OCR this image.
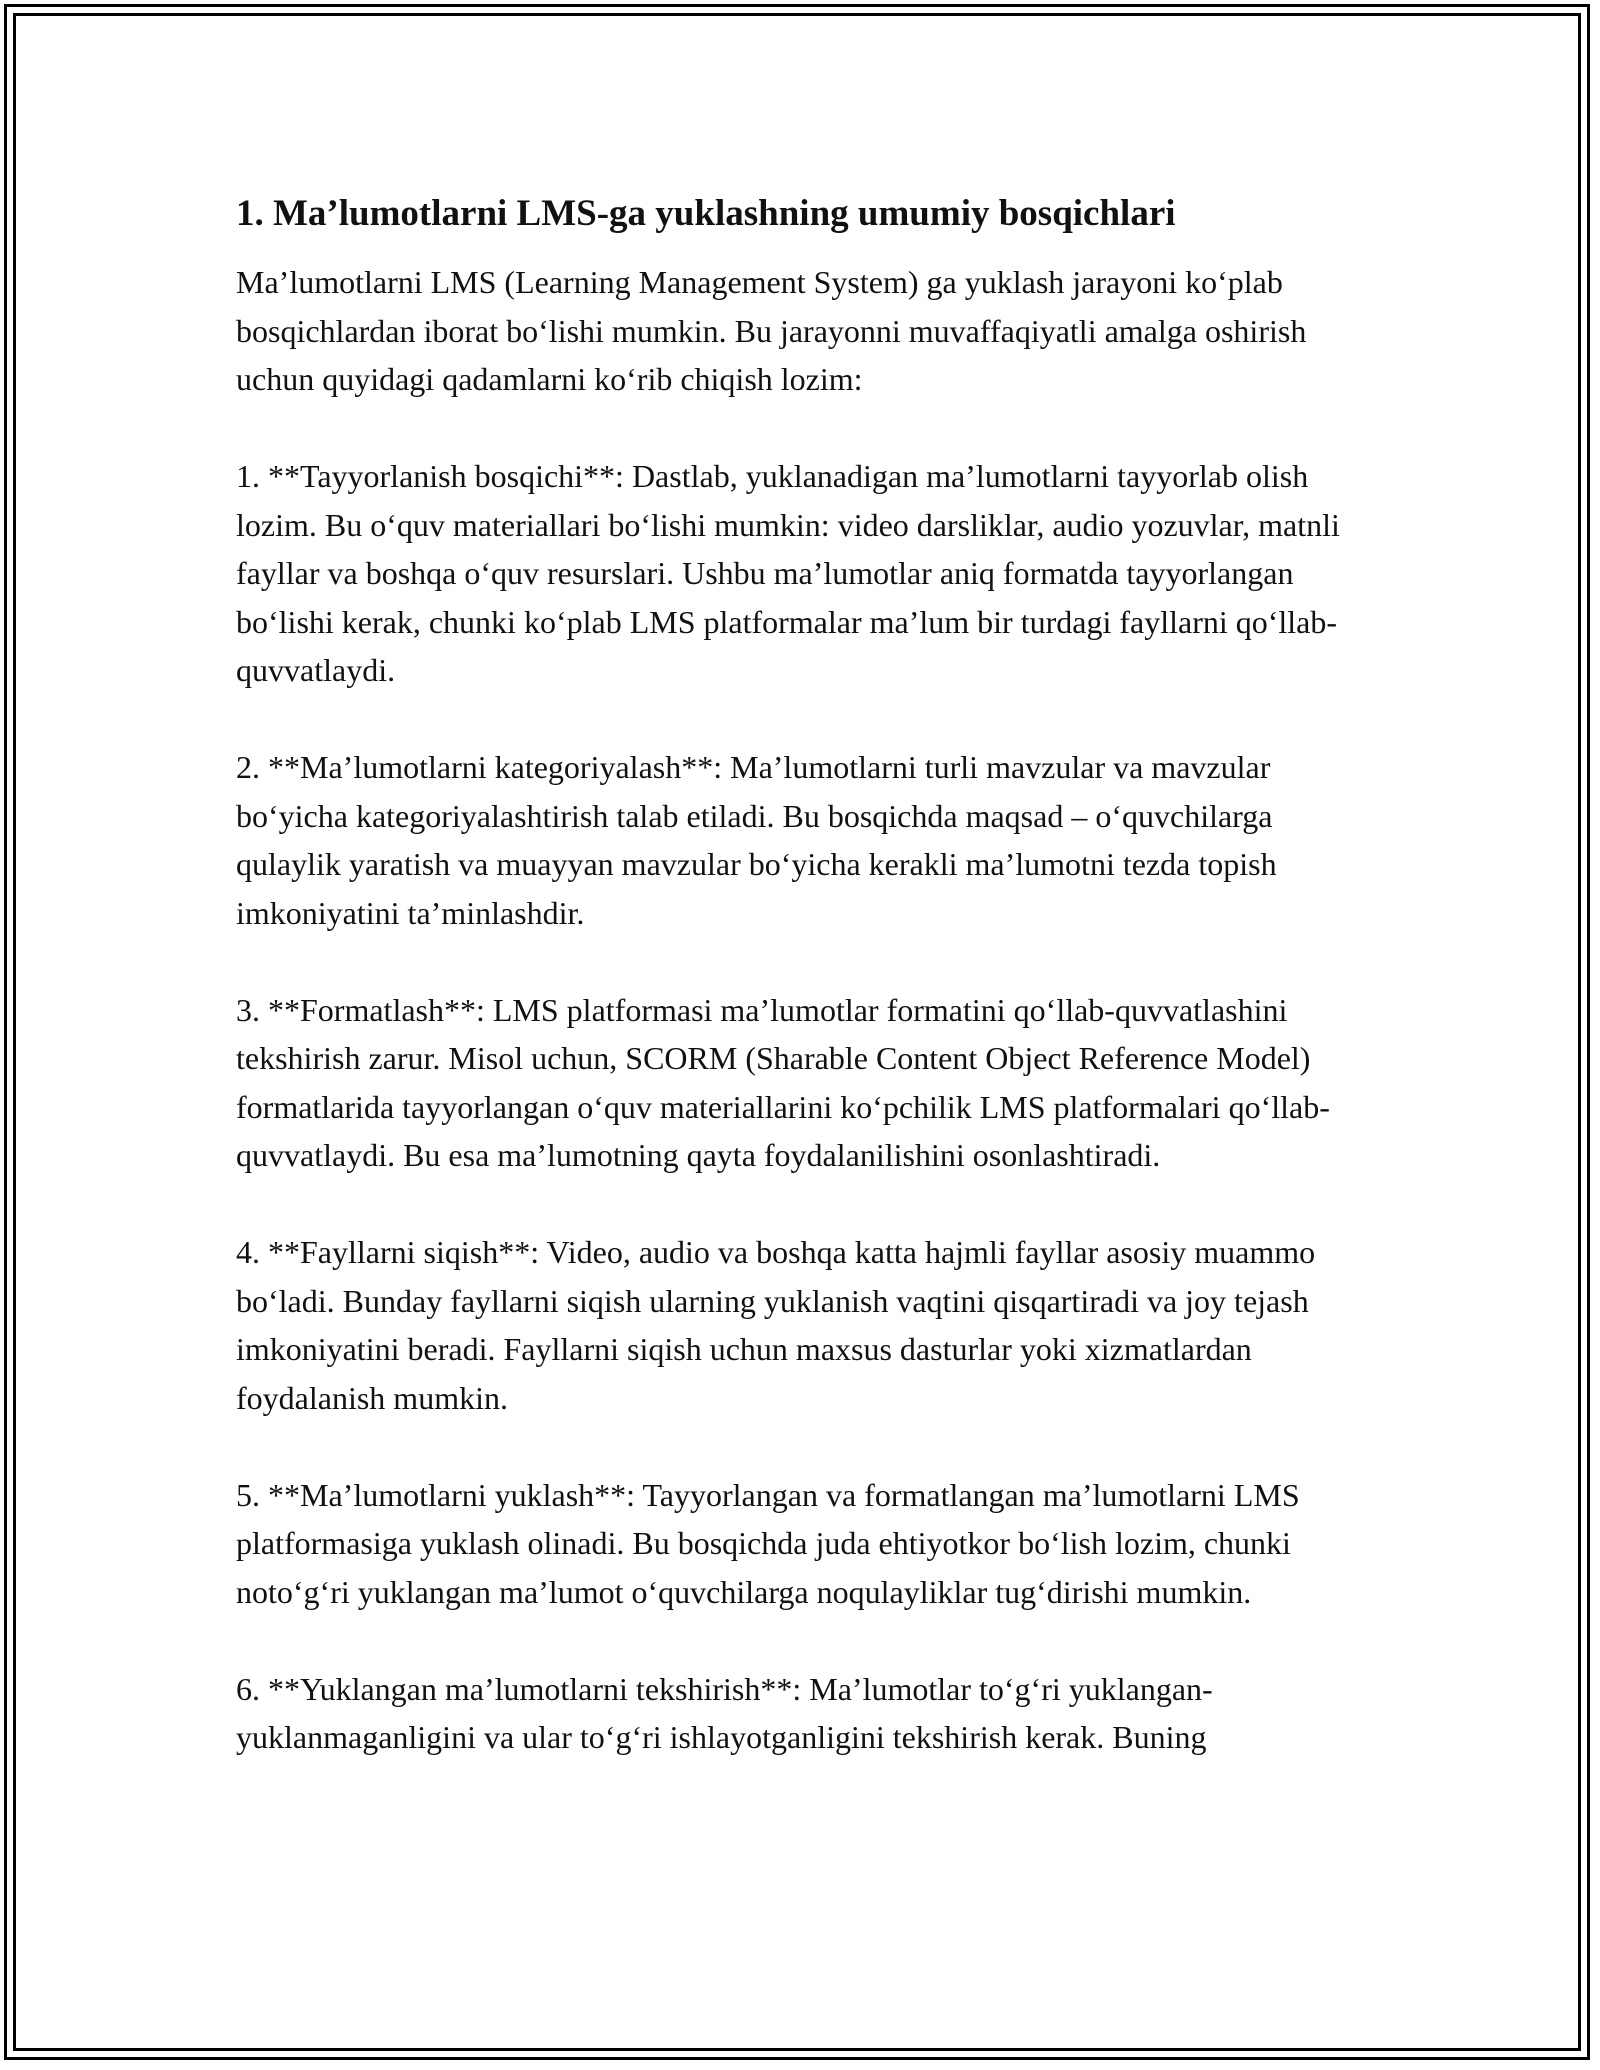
1. Ma’lumotlarni LMS-ga yuklashning umumiy bosqichlari

Ma’lumotlarni LMS (Learning Management System) ga yuklash jarayoni ko‘plab bosqichlardan iborat bo‘lishi mumkin. Bu jarayonni muvaffaqiyatli amalga oshirish uchun quyidagi qadamlarni ko‘rib chiqish lozim:

1. **Tayyorlanish bosqichi**: Dastlab, yuklanadigan ma’lumotlarni tayyorlab olish lozim. Bu o‘quv materiallari bo‘lishi mumkin: video darsliklar, audio yozuvlar, matnli fayllar va boshqa o‘quv resurslari. Ushbu ma’lumotlar aniq formatda tayyorlangan bo‘lishi kerak, chunki ko‘plab LMS platformalar ma’lum bir turdagi fayllarni qo‘llab-quvvatlaydi.

2. **Ma’lumotlarni kategoriyalash**: Ma’lumotlarni turli mavzular va mavzular bo‘yicha kategoriyalashtirish talab etiladi. Bu bosqichda maqsad – o‘quvchilarga qulaylik yaratish va muayyan mavzular bo‘yicha kerakli ma’lumotni tezda topish imkoniyatini ta’minlashdir.

3. **Formatlash**: LMS platformasi ma’lumotlar formatini qo‘llab-quvvatlashini tekshirish zarur. Misol uchun, SCORM (Sharable Content Object Reference Model) formatlarida tayyorlangan o‘quv materiallarini ko‘pchilik LMS platformalari qo‘llab-quvvatlaydi. Bu esa ma’lumotning qayta foydalanilishini osonlashtiradi.

4. **Fayllarni siqish**: Video, audio va boshqa katta hajmli fayllar asosiy muammo bo‘ladi. Bunday fayllarni siqish ularning yuklanish vaqtini qisqartiradi va joy tejash imkoniyatini beradi. Fayllarni siqish uchun maxsus dasturlar yoki xizmatlardan foydalanish mumkin.

5. **Ma’lumotlarni yuklash**: Tayyorlangan va formatlangan ma’lumotlarni LMS platformasiga yuklash olinadi. Bu bosqichda juda ehtiyotkor bo‘lish lozim, chunki noto‘g‘ri yuklangan ma’lumot o‘quvchilarga noqulayliklar tug‘dirishi mumkin.

6. **Yuklangan ma’lumotlarni tekshirish**: Ma’lumotlar to‘g‘ri yuklangan-yuklanmaganligini va ular to‘g‘ri ishlayotganligini tekshirish kerak. Buning
